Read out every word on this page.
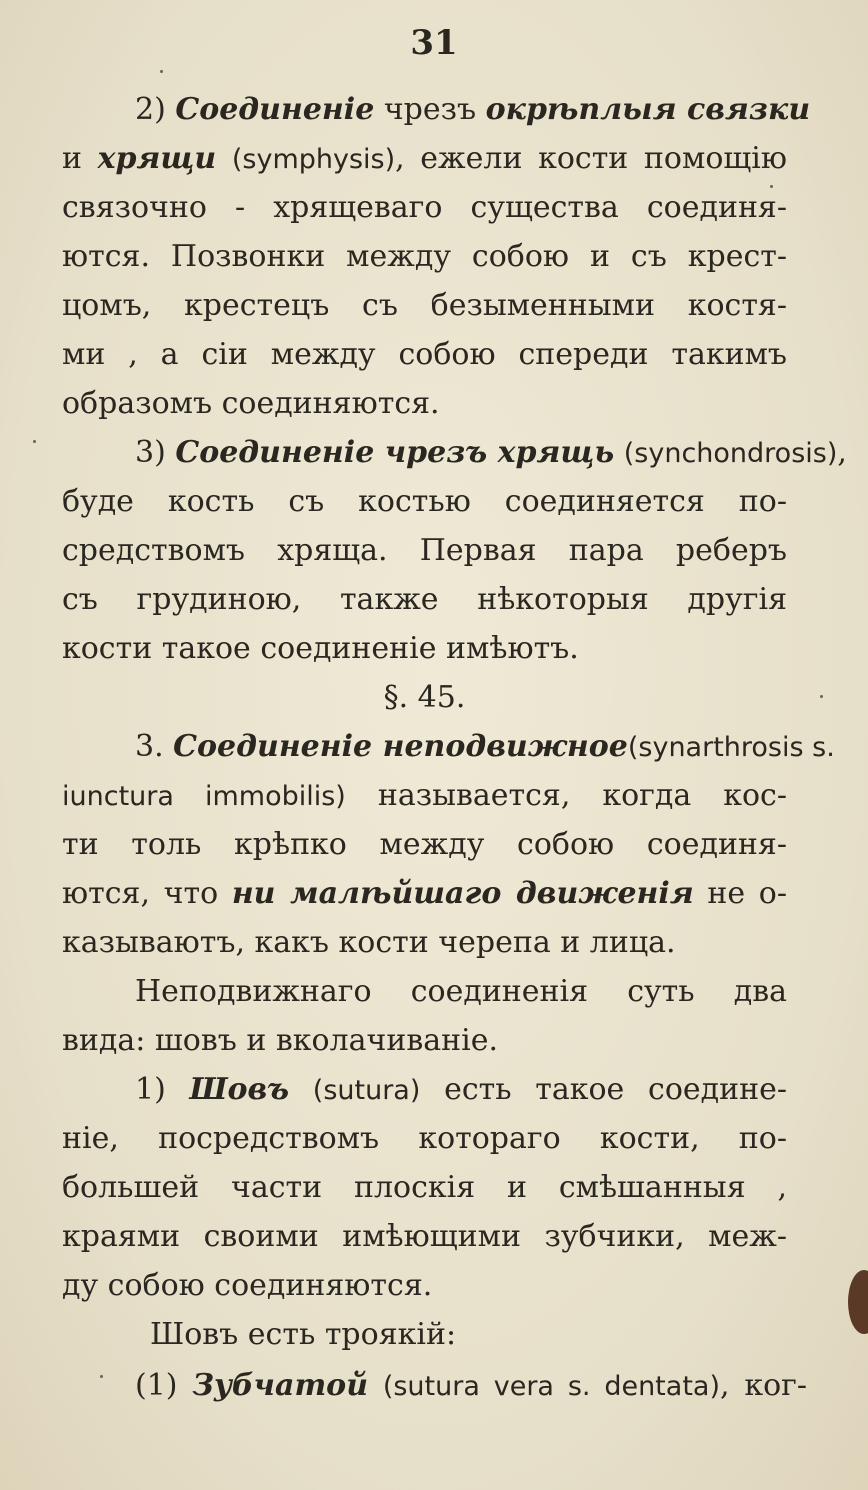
31
2) Соединеніе чрезъ окрѣплыя связки
и хрящи (symphysis), ежели кости помощію
связочно - хрящеваго существа соединя-
ются. Позвонки между собою и съ крест-
цомъ, крестецъ съ безыменными костя-
ми , а сіи между собою спереди такимъ
образомъ соединяются.
3) Соединеніе чрезъ хрящь (synchondrosis),
буде кость съ костью соединяется по-
средствомъ хряща. Первая пара реберъ
съ грудиною, также нѣкоторыя другія
кости такое соединеніе имѣютъ.
§. 45.
3. Соединеніе неподвижное(synarthrosis s.
iunctura immobilis) называется, когда кос-
ти толь крѣпко между собою соединя-
ются, что ни малѣйшаго движенія не о-
казываютъ, какъ кости черепа и лица.
Неподвижнаго соединенія суть два
вида: шовъ и вколачиваніе.
1) Шовъ (sutura) есть такое соедине-
ніе, посредствомъ котораго кости, по-
большей части плоскія и смѣшанныя ,
краями своими имѣющими зубчики, меж-
ду собою соединяются.
Шовъ есть троякій:
(1) Зубчатой (sutura vera s. dentata), ког-
